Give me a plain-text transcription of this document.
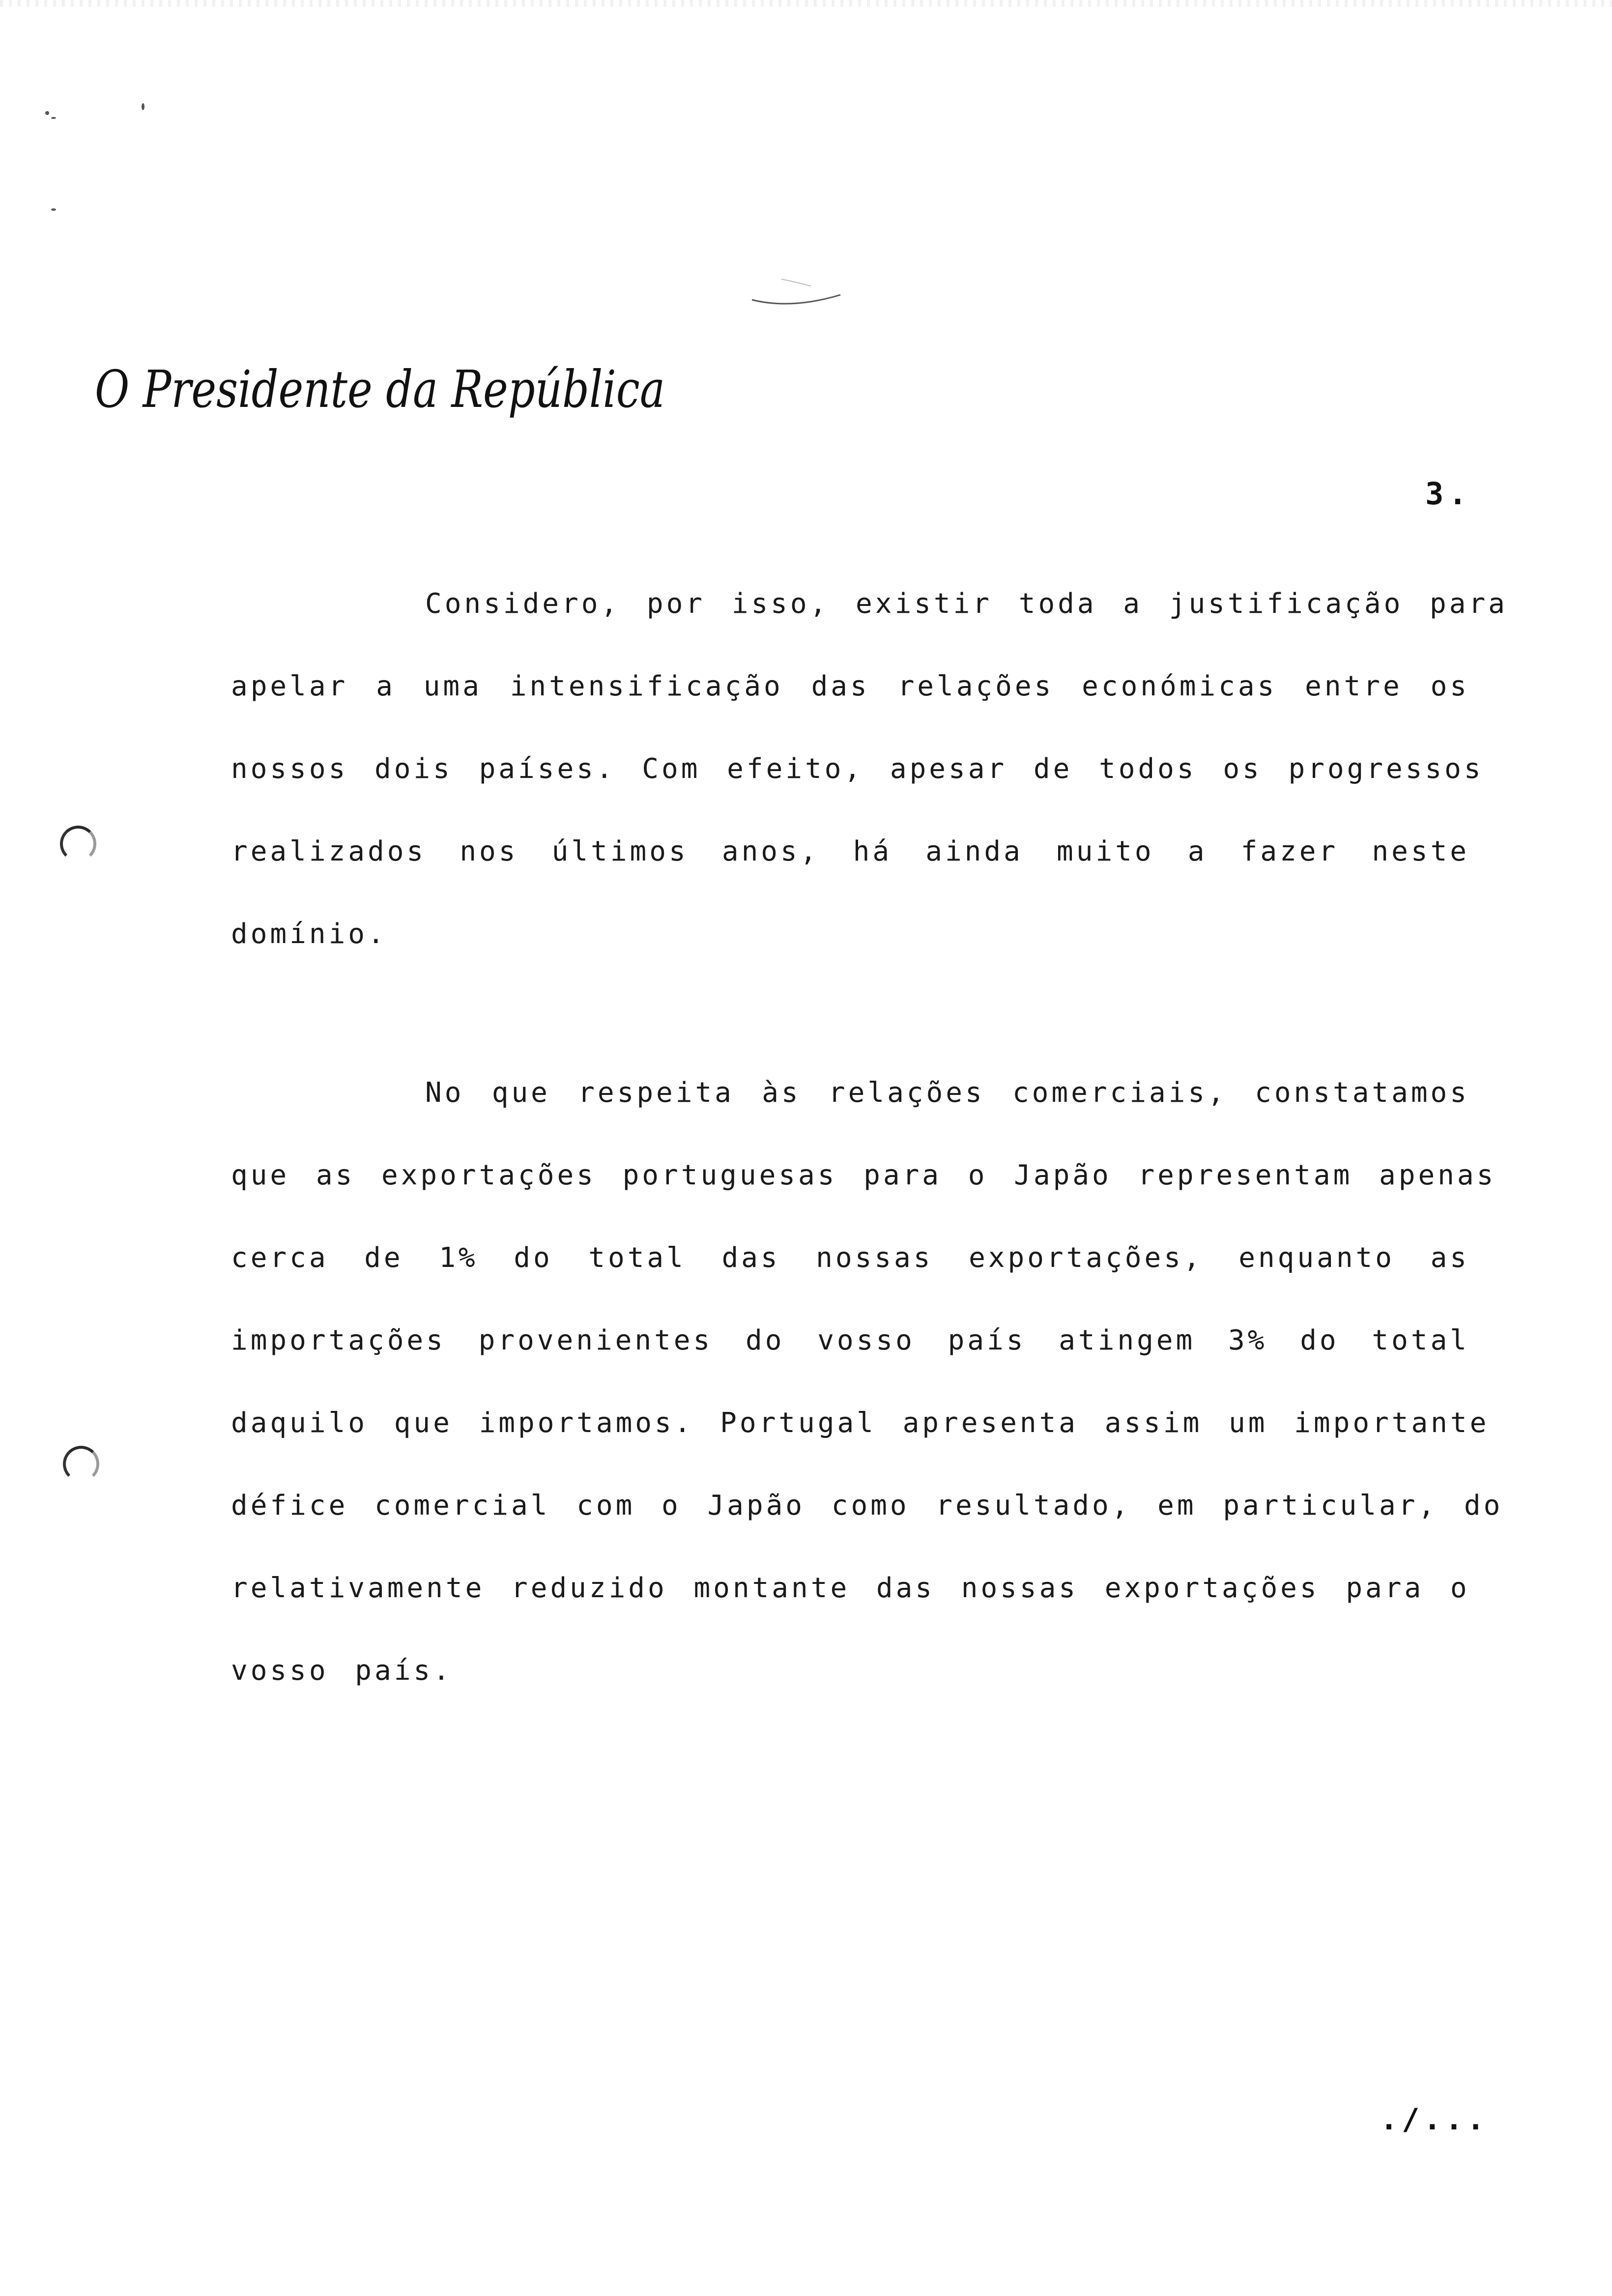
O Presidente da República
3.
Considero, por isso, existir toda a justificação para
apelar a uma intensificação das relações económicas entre os
nossos dois países. Com efeito, apesar de todos os progressos
realizados nos últimos anos, há ainda muito a fazer neste
domínio.
No que respeita às relações comerciais, constatamos
que as exportações portuguesas para o Japão representam apenas
cerca de 1% do total das nossas exportações, enquanto as
importações provenientes do vosso país atingem 3% do total
daquilo que importamos. Portugal apresenta assim um importante
défice comercial com o Japão como resultado, em particular, do
relativamente reduzido montante das nossas exportações para o
vosso país.
./...
